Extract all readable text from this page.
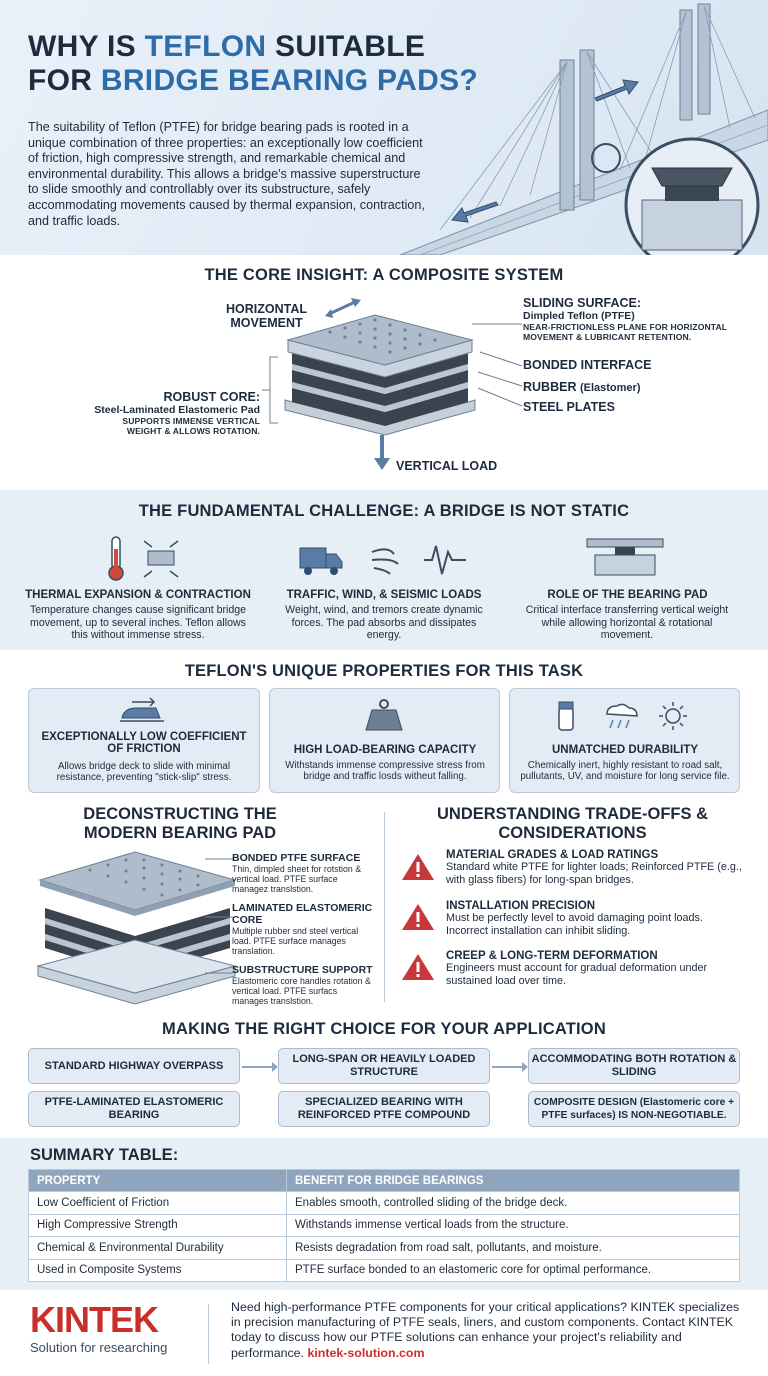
WHY IS TEFLON SUITABLE
FOR BRIDGE BEARING PADS?
The suitability of Teflon (PTFE) for bridge bearing pads is rooted in a unique combination of three properties: an exceptionally low coefficient of friction, high compressive strength, and remarkable chemical and environmental durability. This allows a bridge's massive superstructure to slide smoothly and controllably over its substructure, safely accommodating movements caused by thermal expansion, contraction, and traffic loads.
THE CORE INSIGHT: A COMPOSITE SYSTEM
HORIZONTAL
MOVEMENT
SLIDING SURFACE:
Dimpled Teflon (PTFE)
NEAR-FRICTIONLESS PLANE FOR HORIZONTAL MOVEMENT & LUBRICANT RETENTION.
BONDED INTERFACE
RUBBER (Elastomer)
STEEL PLATES
ROBUST CORE:
Steel-Laminated Elastomeric Pad
SUPPORTS IMMENSE VERTICAL WEIGHT & ALLOWS ROTATION.
VERTICAL LOAD
THE FUNDAMENTAL CHALLENGE: A BRIDGE IS NOT STATIC
THERMAL EXPANSION & CONTRACTION
Temperature changes cause significant bridge movement, up to several inches. Teflon allows this without immense stress.
TRAFFIC, WIND, & SEISMIC LOADS
Weight, wind, and tremors create dynamic forces. The pad absorbs and dissipates energy.
ROLE OF THE BEARING PAD
Critical interface transferring vertical weight while allowing horizontal & rotational movement.
TEFLON'S UNIQUE PROPERTIES FOR THIS TASK
EXCEPTIONALLY LOW COEFFICIENT OF FRICTION
Allows bridge deck to slide with minimal resistance, preventing "stick-slip" stress.
HIGH LOAD-BEARING CAPACITY
Withstands immense compressive stress from bridge and traffic losds witheut falling.
UNMATCHED DURABILITY
Chemically inert, highly resistant to road salt, pullutants, UV, and moisture for long service file.
DECONSTRUCTING THE MODERN BEARING PAD
BONDED PTFE SURFACE
Thin, dimpled sheet for rotstion & vertical load. PTFE surface managez translstion.
LAMINATED ELASTOMERIC CORE
Multiple rubber snd steel vertical load. PTFE surface manages translation.
SUBSTRUCTURE SUPPORT
Elastomeric core handles rotation & vertical load. PTFE surfacs manages translstion.
UNDERSTANDING TRADE-OFFS & CONSIDERATIONS
MATERIAL GRADES & LOAD RATINGS
Standard white PTFE for lighter loads; Reinforced PTFE (e.g., with glass fibers) for long-span bridges.
INSTALLATION PRECISION
Must be perfectly level to avoid damaging point loads. Incorrect installation can inhibit sliding.
CREEP & LONG-TERM DEFORMATION
Engineers must account for gradual deformation under sustained load over time.
MAKING THE RIGHT CHOICE FOR YOUR APPLICATION
STANDARD HIGHWAY OVERPASS
LONG-SPAN OR HEAVILY LOADED STRUCTURE
ACCOMMODATING BOTH ROTATION & SLIDING
PTFE-LAMINATED ELASTOMERIC BEARING
SPECIALIZED BEARING WITH REINFORCED PTFE COMPOUND
COMPOSITE DESIGN (Elastomeric core + PTFE surfaces) IS NON-NEGOTIABLE.
SUMMARY TABLE:
PROPERTY	BENEFIT FOR BRIDGE BEARINGS
Low Coefficient of Friction	Enables smooth, controlled sliding of the bridge deck.
High Compressive Strength	Withstands immense vertical loads from the structure.
Chemical & Environmental Durability	Resists degradation from road salt, pollutants, and moisture.
Used in Composite Systems	PTFE surface bonded to an elastomeric core for optimal performance.
KINTEK
Solution for researching
Need high-performance PTFE components for your critical applications? KINTEK specializes in precision manufacturing of PTFE seals, liners, and custom components. Contact KINTEK today to discuss how our PTFE solutions can enhance your project's reliability and performance. kintek-solution.com
